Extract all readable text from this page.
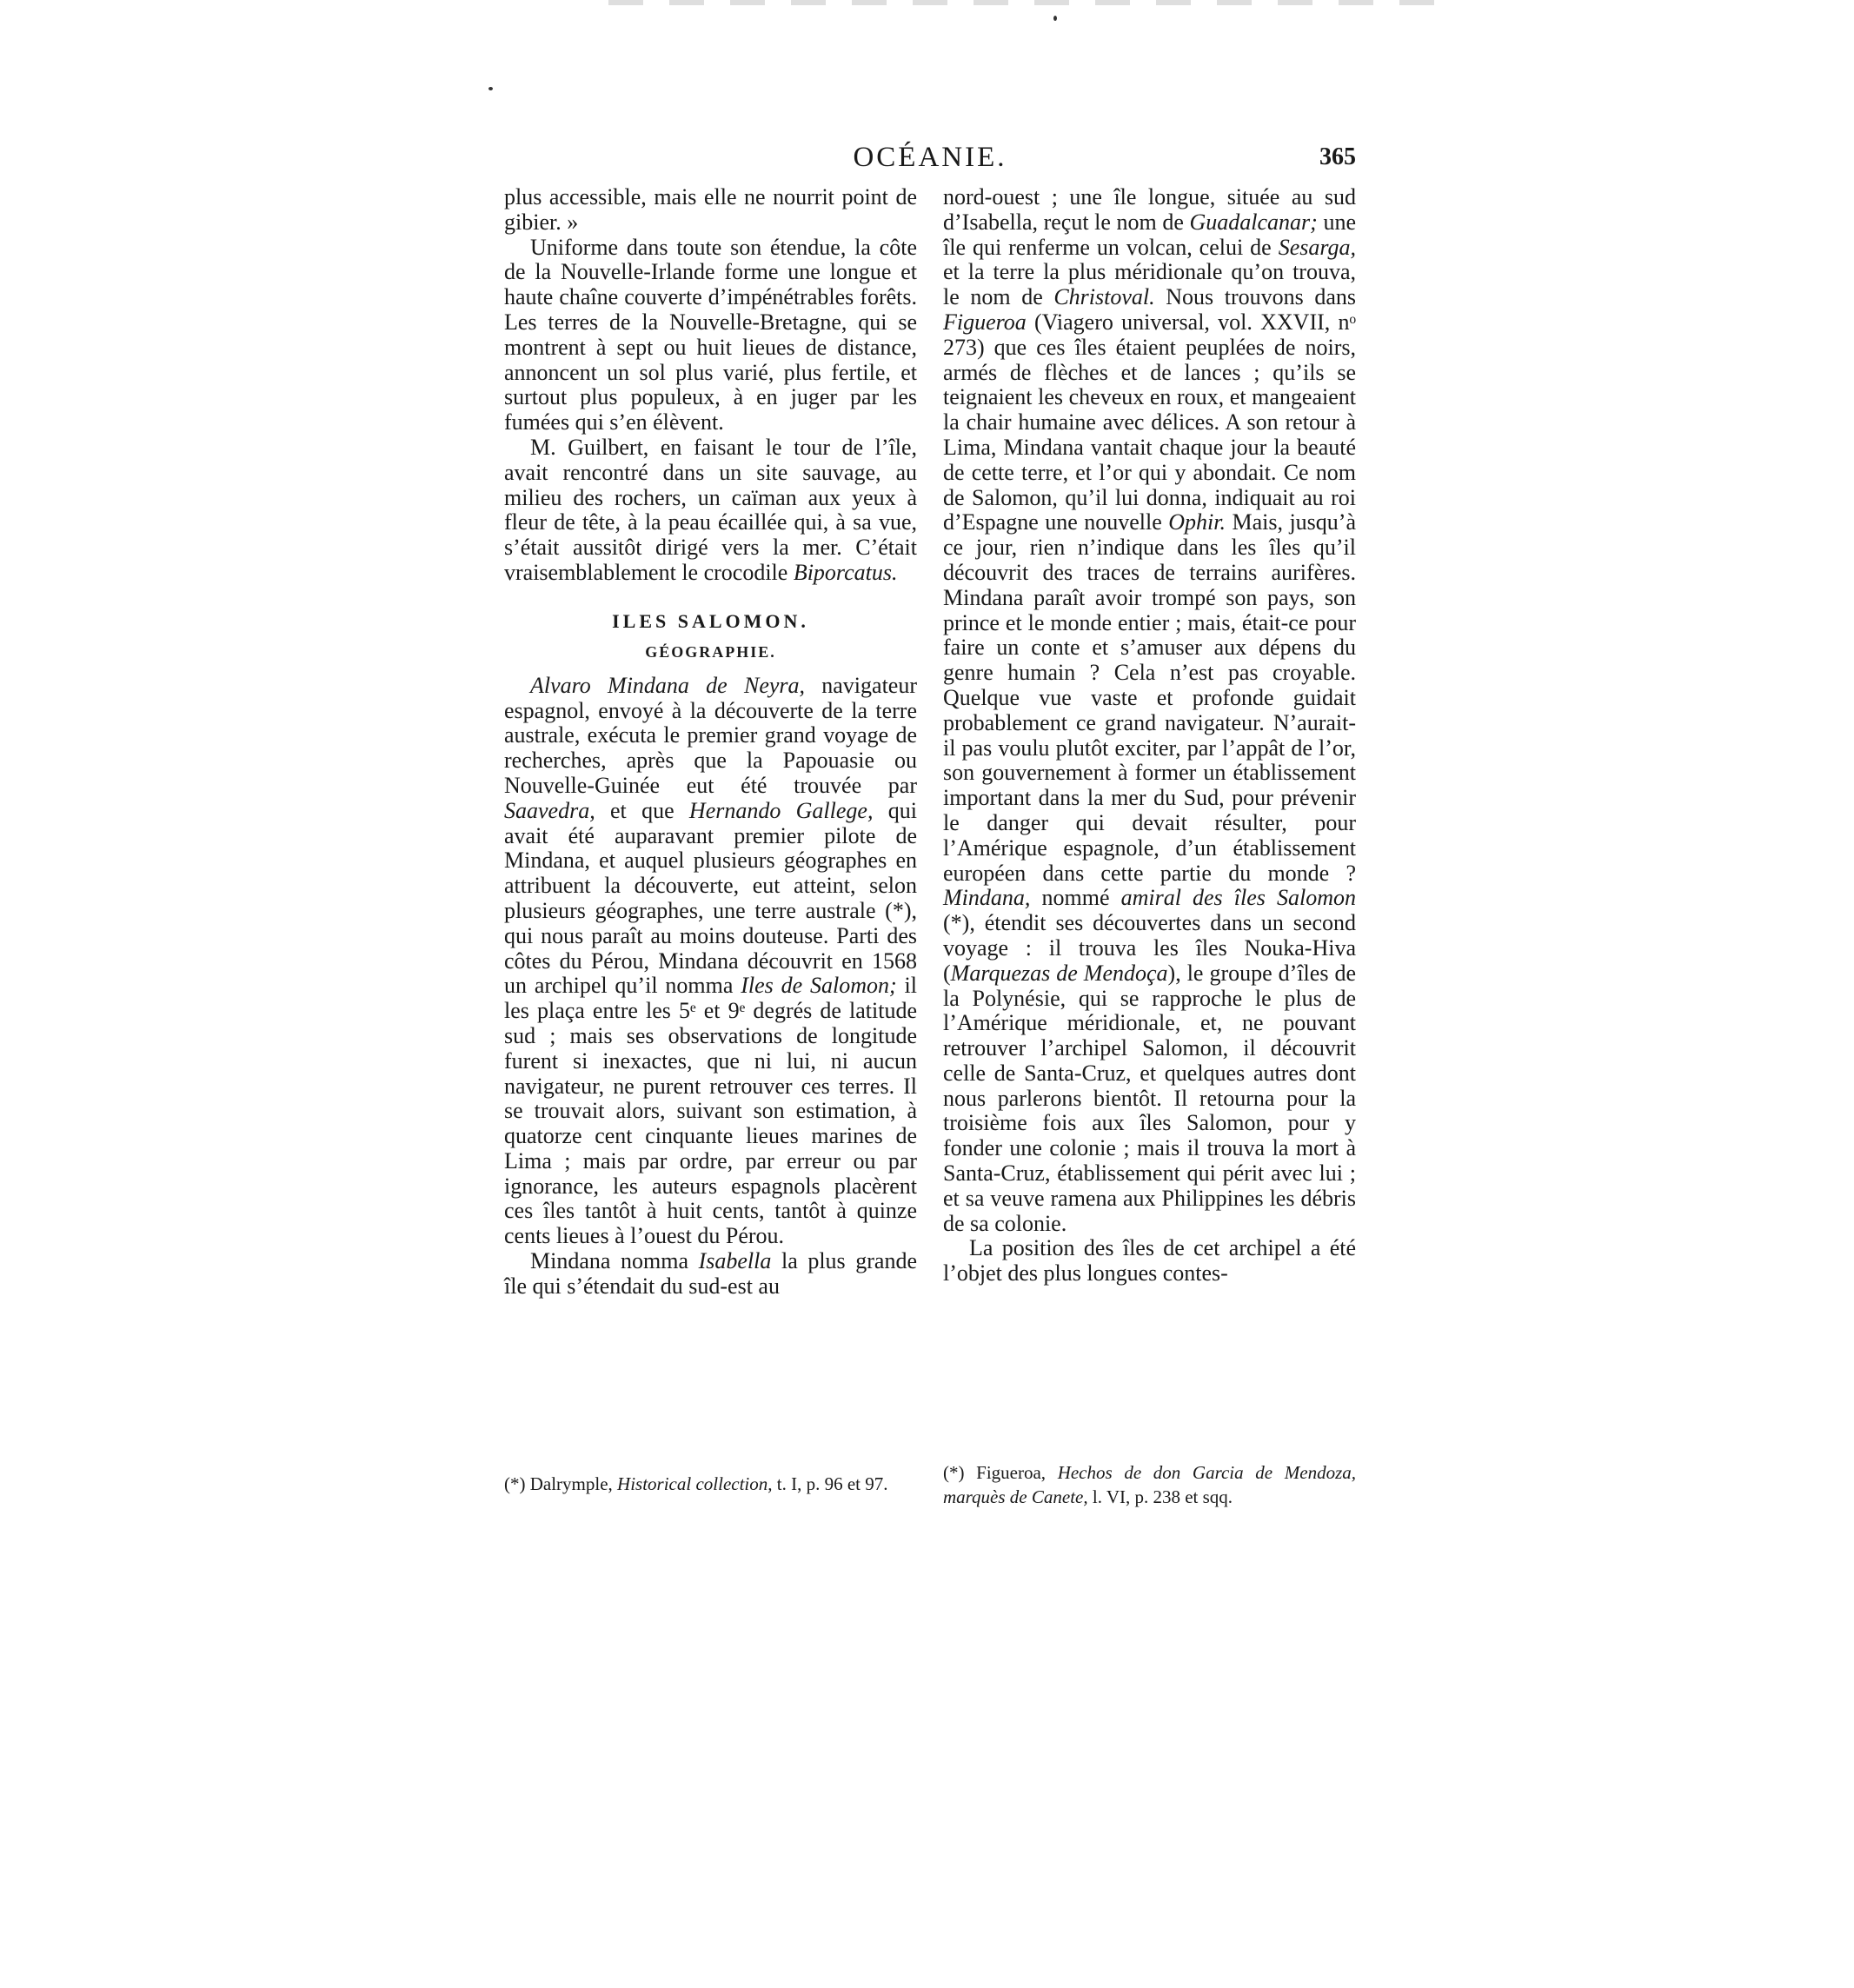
OCÉANIE.	365

plus accessible, mais elle ne nourrit point de gibier. »

Uniforme dans toute son étendue, la côte de la Nouvelle-Irlande forme une longue et haute chaîne couverte d’impénétrables forêts. Les terres de la Nouvelle-Bretagne, qui se montrent à sept ou huit lieues de distance, annoncent un sol plus varié, plus fertile, et surtout plus populeux, à en juger par les fumées qui s’en élèvent.

M. Guilbert, en faisant le tour de l’île, avait rencontré dans un site sauvage, au milieu des rochers, un caïman aux yeux à fleur de tête, à la peau écaillée qui, à sa vue, s’était aussitôt dirigé vers la mer. C’était vraisemblablement le crocodile Biporcatus.

ILES SALOMON.
GÉOGRAPHIE.

Alvaro Mindana de Neyra, navigateur espagnol, envoyé à la découverte de la terre australe, exécuta le premier grand voyage de recherches, après que la Papouasie ou Nouvelle-Guinée eut été trouvée par Saavedra, et que Hernando Gallege, qui avait été auparavant premier pilote de Mindana, et auquel plusieurs géographes en attribuent la découverte, eut atteint, selon plusieurs géographes, une terre australe (*), qui nous paraît au moins douteuse. Parti des côtes du Pérou, Mindana découvrit en 1568 un archipel qu’il nomma Iles de Salomon; il les plaça entre les 5ᵉ et 9ᵉ degrés de latitude sud ; mais ses observations de longitude furent si inexactes, que ni lui, ni aucun navigateur, ne purent retrouver ces terres. Il se trouvait alors, suivant son estimation, à quatorze cent cinquante lieues marines de Lima ; mais par ordre, par erreur ou par ignorance, les auteurs espagnols placèrent ces îles tantôt à huit cents, tantôt à quinze cents lieues à l’ouest du Pérou.

Mindana nomma Isabella la plus grande île qui s’étendait du sud-est au

nord-ouest ; une île longue, située au sud d’Isabella, reçut le nom de Guadalcanar; une île qui renferme un volcan, celui de Sesarga, et la terre la plus méridionale qu’on trouva, le nom de Christoval. Nous trouvons dans Figueroa (Viagero universal, vol. XXVII, nᵒ 273) que ces îles étaient peuplées de noirs, armés de flèches et de lances ; qu’ils se teignaient les cheveux en roux, et mangeaient la chair humaine avec délices. A son retour à Lima, Mindana vantait chaque jour la beauté de cette terre, et l’or qui y abondait. Ce nom de Salomon, qu’il lui donna, indiquait au roi d’Espagne une nouvelle Ophir. Mais, jusqu’à ce jour, rien n’indique dans les îles qu’il découvrit des traces de terrains aurifères. Mindana paraît avoir trompé son pays, son prince et le monde entier ; mais, était-ce pour faire un conte et s’amuser aux dépens du genre humain ? Cela n’est pas croyable. Quelque vue vaste et profonde guidait probablement ce grand navigateur. N’aurait-il pas voulu plutôt exciter, par l’appât de l’or, son gouvernement à former un établissement important dans la mer du Sud, pour prévenir le danger qui devait résulter, pour l’Amérique espagnole, d’un établissement européen dans cette partie du monde ? Mindana, nommé amiral des îles Salomon (*), étendit ses découvertes dans un second voyage : il trouva les îles Nouka-Hiva (Marquezas de Mendoça), le groupe d’îles de la Polynésie, qui se rapproche le plus de l’Amérique méridionale, et, ne pouvant retrouver l’archipel Salomon, il découvrit celle de Santa-Cruz, et quelques autres dont nous parlerons bientôt. Il retourna pour la troisième fois aux îles Salomon, pour y fonder une colonie ; mais il trouva la mort à Santa-Cruz, établissement qui périt avec lui ; et sa veuve ramena aux Philippines les débris de sa colonie.

La position des îles de cet archipel a été l’objet des plus longues contes-

(*) Dalrymple, Historical collection, t. I, p. 96 et 97.
(*) Figueroa, Hechos de don Garcia de Mendoza, marquès de Canete, l. VI, p. 238 et sqq.
